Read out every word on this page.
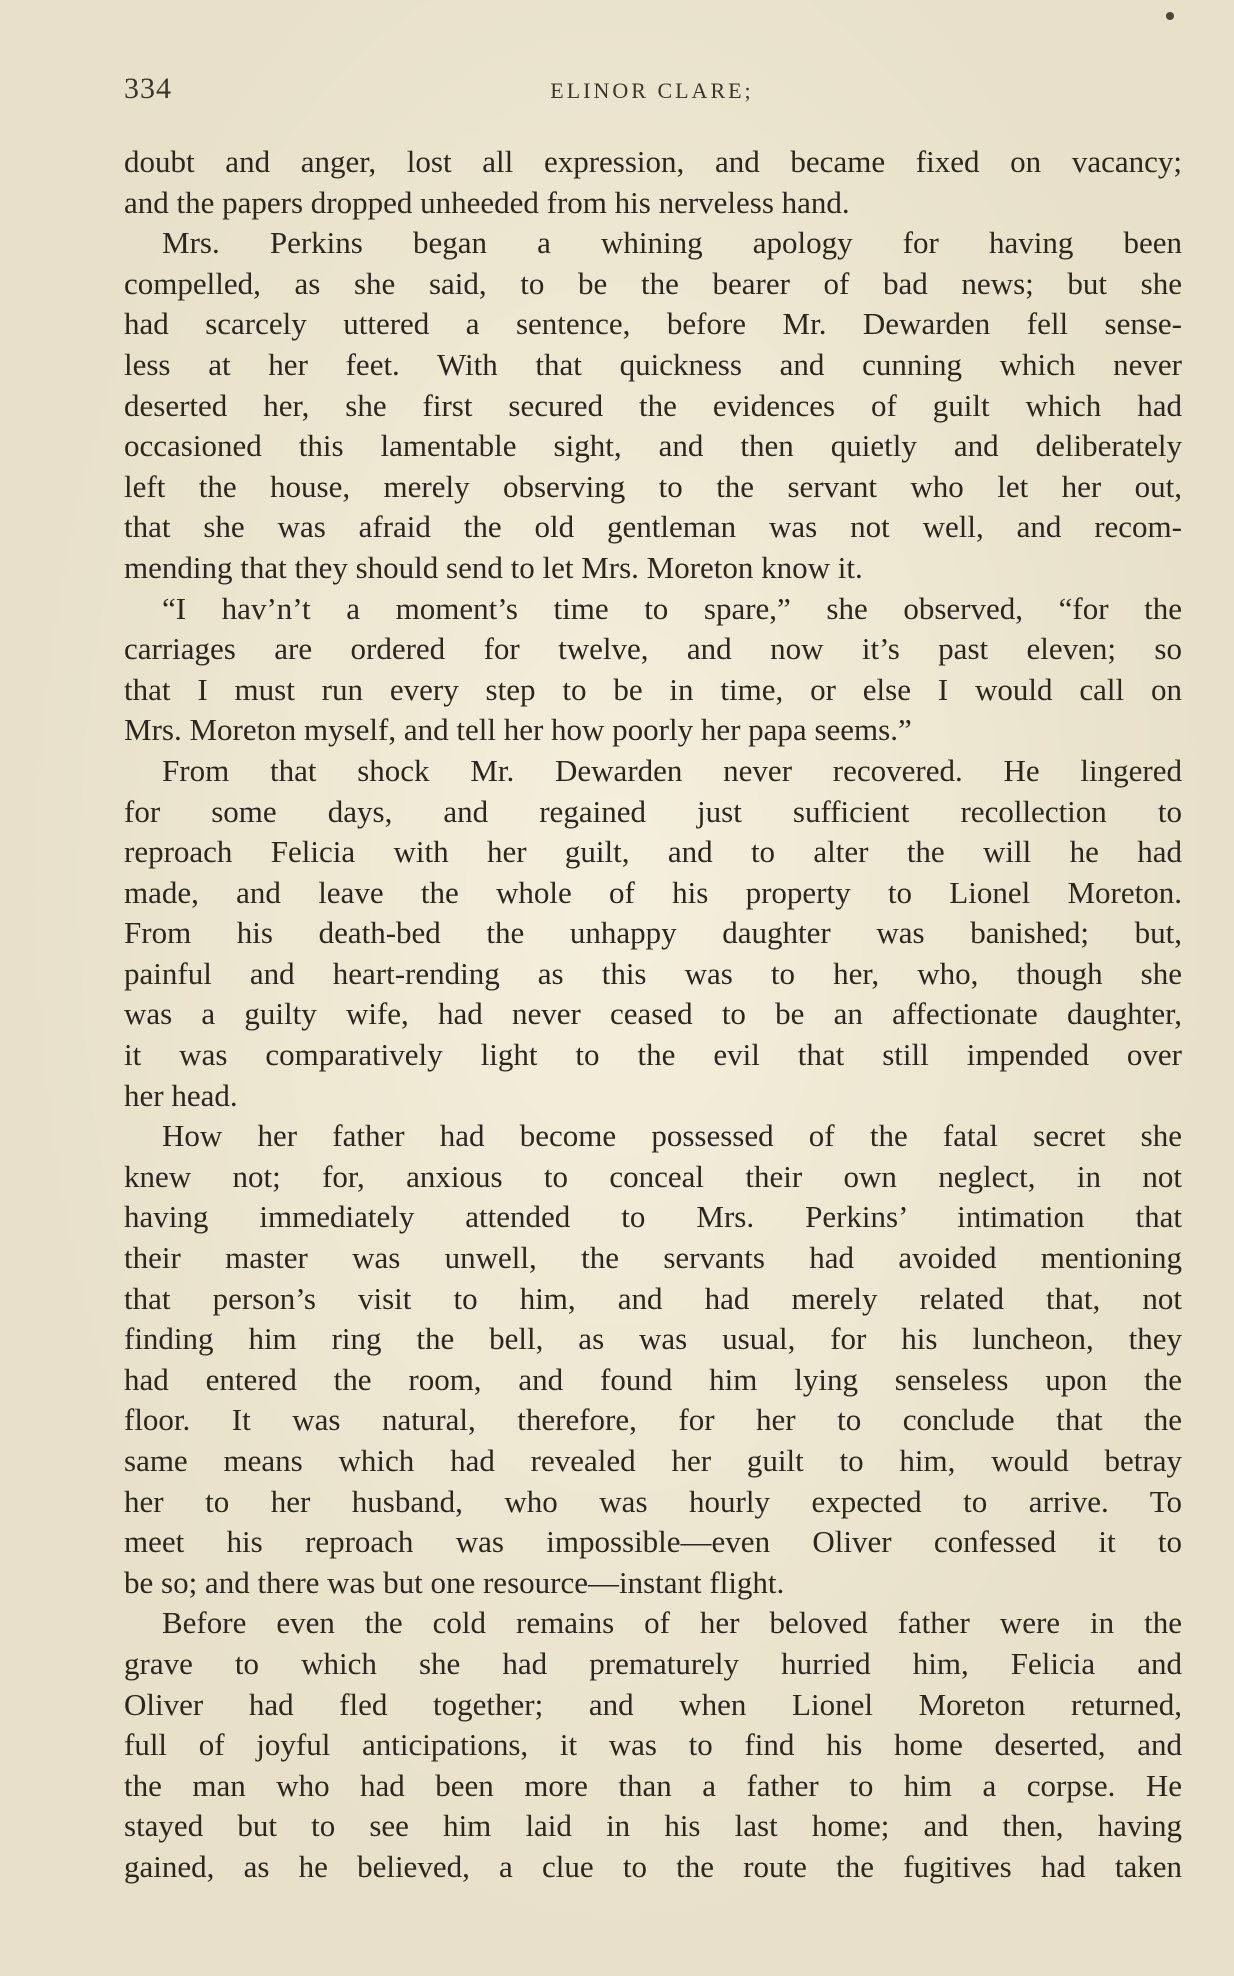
334	ELINOR CLARE;
doubt and anger, lost all expression, and became fixed on vacancy;
and the papers dropped unheeded from his nerveless hand.
Mrs. Perkins began a whining apology for having been
compelled, as she said, to be the bearer of bad news; but she
had scarcely uttered a sentence, before Mr. Dewarden fell sense-
less at her feet. With that quickness and cunning which never
deserted her, she first secured the evidences of guilt which had
occasioned this lamentable sight, and then quietly and deliberately
left the house, merely observing to the servant who let her out,
that she was afraid the old gentleman was not well, and recom-
mending that they should send to let Mrs. Moreton know it.
“I hav’n’t a moment’s time to spare,” she observed, “for the
carriages are ordered for twelve, and now it’s past eleven; so
that I must run every step to be in time, or else I would call on
Mrs. Moreton myself, and tell her how poorly her papa seems.”
From that shock Mr. Dewarden never recovered. He lingered
for some days, and regained just sufficient recollection to
reproach Felicia with her guilt, and to alter the will he had
made, and leave the whole of his property to Lionel Moreton.
From his death-bed the unhappy daughter was banished; but,
painful and heart-rending as this was to her, who, though she
was a guilty wife, had never ceased to be an affectionate daughter,
it was comparatively light to the evil that still impended over
her head.
How her father had become possessed of the fatal secret she
knew not; for, anxious to conceal their own neglect, in not
having immediately attended to Mrs. Perkins’ intimation that
their master was unwell, the servants had avoided mentioning
that person’s visit to him, and had merely related that, not
finding him ring the bell, as was usual, for his luncheon, they
had entered the room, and found him lying senseless upon the
floor. It was natural, therefore, for her to conclude that the
same means which had revealed her guilt to him, would betray
her to her husband, who was hourly expected to arrive. To
meet his reproach was impossible—even Oliver confessed it to
be so; and there was but one resource—instant flight.
Before even the cold remains of her beloved father were in the
grave to which she had prematurely hurried him, Felicia and
Oliver had fled together; and when Lionel Moreton returned,
full of joyful anticipations, it was to find his home deserted, and
the man who had been more than a father to him a corpse. He
stayed but to see him laid in his last home; and then, having
gained, as he believed, a clue to the route the fugitives had taken
